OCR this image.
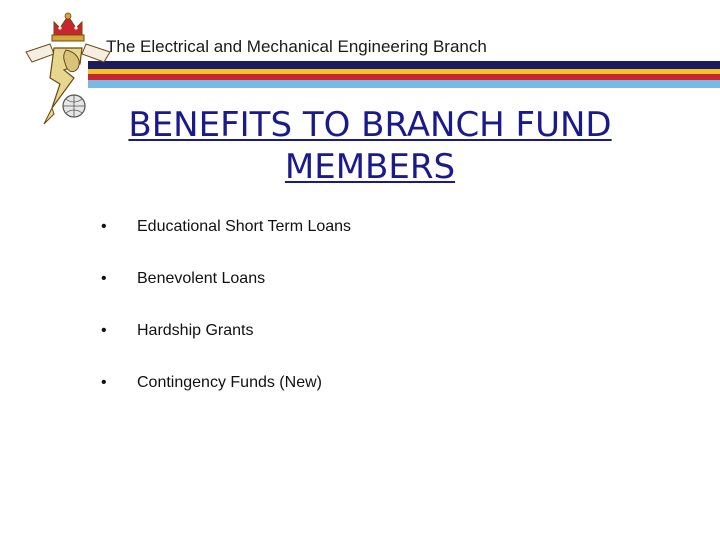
The Electrical and Mechanical Engineering Branch
BENEFITS TO BRANCH FUND MEMBERS
• Educational Short Term Loans
• Benevolent Loans
• Hardship Grants
• Contingency Funds (New)
